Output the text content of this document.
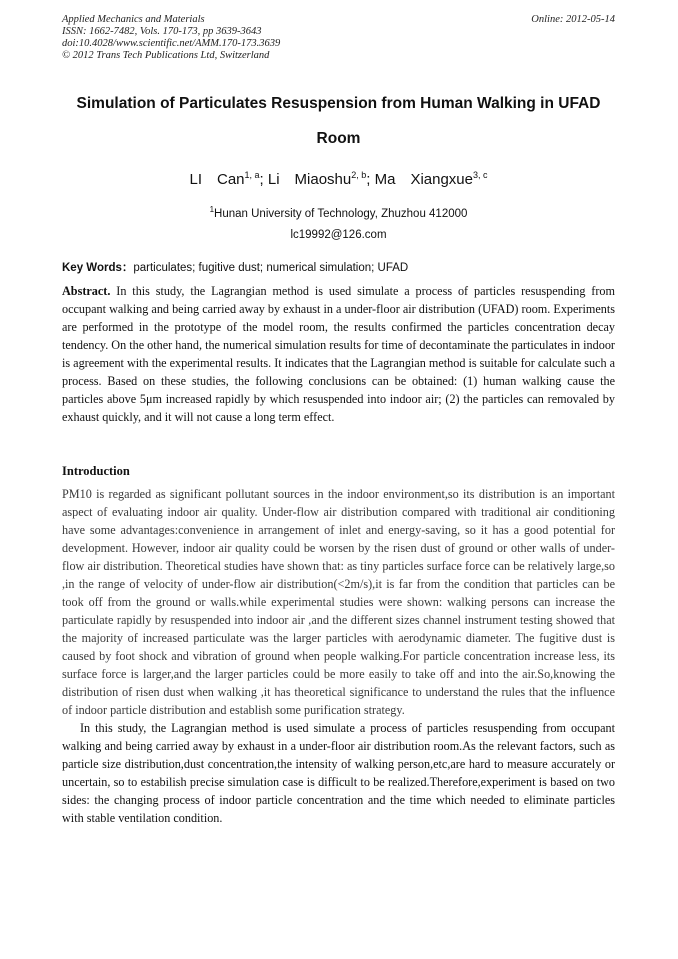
Applied Mechanics and Materials
ISSN: 1662-7482, Vols. 170-173, pp 3639-3643
doi:10.4028/www.scientific.net/AMM.170-173.3639
© 2012 Trans Tech Publications Ltd, Switzerland
Online: 2012-05-14
Simulation of Particulates Resuspension from Human Walking in UFAD Room
LI Can$^{1, a}$; Li Miaoshu$^{2, b}$; Ma Xiangxue$^{3, c}$
$^1$Hunan University of Technology, Zhuzhou 412000
lc19992@126.com
Key Words：particulates; fugitive dust; numerical simulation; UFAD
Abstract. In this study, the Lagrangian method is used simulate a process of particles resuspending from occupant walking and being carried away by exhaust in a under-floor air distribution (UFAD) room. Experiments are performed in the prototype of the model room, the results confirmed the particles concentration decay tendency. On the other hand, the numerical simulation results for time of decontaminate the particulates in indoor is agreement with the experimental results. It indicates that the Lagrangian method is suitable for calculate such a process. Based on these studies, the following conclusions can be obtained: (1) human walking cause the particles above 5μm increased rapidly by which resuspended into indoor air; (2) the particles can removaled by exhaust quickly, and it will not cause a long term effect.
Introduction

PM10 is regarded as significant pollutant sources in the indoor environment,so its distribution is an important aspect of evaluating indoor air quality. Under-flow air distribution compared with traditional air conditioning have some advantages:convenience in arrangement of inlet and energy-saving, so it has a good potential for development. However, indoor air quality could be worsen by the risen dust of ground or other walls of under-flow air distribution. Theoretical studies have shown that: as tiny particles surface force can be relatively large,so ,in the range of velocity of under-flow air distribution(<2m/s),it is far from the condition that particles can be took off from the ground or walls.while experimental studies were shown: walking persons can increase the particulate rapidly by resuspended into indoor air ,and the different sizes channel instrument testing showed that the majority of increased particulate was the larger particles with aerodynamic diameter. The fugitive dust is caused by foot shock and vibration of ground when people walking.For particle concentration increase less, its surface force is larger,and the larger particles could be more easily to take off and into the air.So,knowing the distribution of risen dust when walking ,it has theoretical significance to understand the rules that the influence of indoor particle distribution and establish some purification strategy.

In this study, the Lagrangian method is used simulate a process of particles resuspending from occupant walking and being carried away by exhaust in a under-floor air distribution room.As the relevant factors, such as particle size distribution,dust concentration,the intensity of walking person,etc,are hard to measure accurately or uncertain, so to estabilish precise simulation case is difficult to be realized.Therefore,experiment is based on two sides: the changing process of indoor particle concentration and the time which needed to eliminate particles with stable ventilation condition.
